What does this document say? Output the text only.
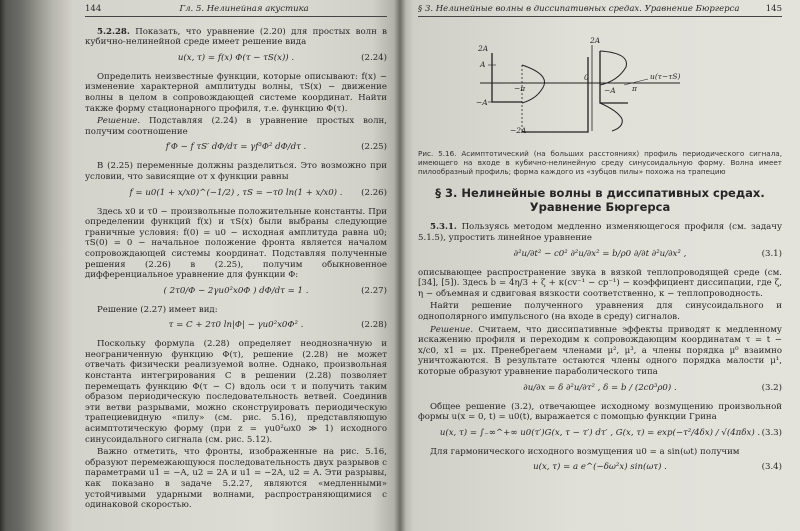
144	Гл. 5. Нелинейная акустика

5.2.28. Показать, что уравнение (2.20) для простых волн в кубично-нелинейной среде имеет решение вида

u(x, τ) = f(x) Φ(τ − τS(x)) .	(2.24)

Определить неизвестные функции, которые описывают: f(x) − изменение характерной амплитуды волны, τS(x) − движение волны в целом в сопровождающей системе координат. Найти также форму стационарного профиля, т.е. функцию Φ(τ).

Решение. Подставляя (2.24) в уравнение простых волн, получим соотношение

f′Φ − f τS′ dΦ/dτ = γf³Φ² dΦ/dτ .	(2.25)

В (2.25) переменные должны разделиться. Это возможно при условии, что зависящие от x функции равны

f = u0(1 + x/x0)^(−1/2) , τS = −τ0 ln(1 + x/x0) . (2.26)

Здесь x0 и τ0 − произвольные положительные константы. При определении функций f(x) и τS(x) были выбраны следующие граничные условия: f(0) = u0 − исходная амплитуда равна u0; τS(0) = 0 − начальное положение фронта является началом сопровождающей системы координат. Подставляя полученные решения (2.26) в (2.25), получим обыкновенное дифференциальное уравнение для функции Φ:

( 2τ0/Φ − 2γu0²x0Φ ) dΦ/dτ = 1 .	(2.27)

Решение (2.27) имеет вид:

τ = C + 2τ0 ln|Φ| − γu0²x0Φ² .	(2.28)

Поскольку формула (2.28) определяет неоднозначную и неограниченную функцию Φ(τ), решение (2.28) не может отвечать физически реализуемой волне. Однако, произвольная константа интегрирования C в решении (2.28) позволяет перемещать функцию Φ(τ − C) вдоль оси τ и получить таким образом периодическую последовательность ветвей. Соединив эти ветви разрывами, можно сконструировать периодическую трапециевидную «пилу» (см. рис. 5.16), представляющую асимптотическую форму (при z = γu0²ωx0 ≫ 1) исходного синусоидального сигнала (см. рис. 5.12).

Важно отметить, что фронты, изображенные на рис. 5.16, образуют перемежающуюся последовательность двух разрывов с параметрами u1 = −A, u2 = 2A и u1 = −2A, u2 = A. Эти разрывы, как показано в задаче 5.2.27, являются «медленными» устойчивыми ударными волнами, распространяющимися с одинаковой скоростью.

§ 3. Нелинейные волны в диссипативных средах. Уравнение Бюргерса	145
2A
2A
A
−A
−2A
0
−π	π
u(τ−τS)
−A
Рис. 5.16. Асимптотический (на больших расстояниях) профиль периодического сигнала, имеющего на входе в кубично-нелинейную среду синусоидальную форму. Волна имеет пилообразный профиль; форма каждого из «зубцов пилы» похожа на трапецию
§ 3. Нелинейные волны в диссипативных средах. Уравнение Бюргерса

5.3.1. Пользуясь методом медленно изменяющегося профиля (см. задачу 5.1.5), упростить линейное уравнение

∂²u/∂t² − c0² ∂²u/∂x² = b/ρ0 ∂/∂t ∂²u/∂x² ,	(3.1)

описывающее распространение звука в вязкой теплопроводящей среде (см. [34], [5]). Здесь b = 4η/3 + ζ + κ(cv⁻¹ − cp⁻¹) − коэффициент диссипации, где ζ, η − объемная и сдвиговая вязкости соответственно, κ − теплопроводность.

Найти решение полученного уравнения для синусоидального и однополярного импульсного (на входе в среду) сигналов.

Решение. Считаем, что диссипативные эффекты приводят к медленному искажению профиля и переходим к сопровождающим координатам τ = t − x/c0, x1 = μx. Пренебрегаем членами μ², μ³, а члены порядка μ⁰ взаимно уничтожаются. В результате остаются члены одного порядка малости μ¹, которые образуют уравнение параболического типа

∂u/∂x = δ ∂²u/∂τ² , δ = b / (2c0³ρ0) .	(3.2)

Общее решение (3.2), отвечающее исходному возмущению произвольной формы u(x = 0, t) = u0(t), выражается с помощью функции Грина

u(x, τ) = ∫₋∞^+∞ u0(τ′)G(x, τ − τ′) dτ′ , G(x, τ) = exp(−τ²/4δx) / √(4πδx) . (3.3)

Для гармонического исходного возмущения u0 = a sin(ωt) получим

u(x, τ) = a e^(−δω²x) sin(ωτ) .	(3.4)
